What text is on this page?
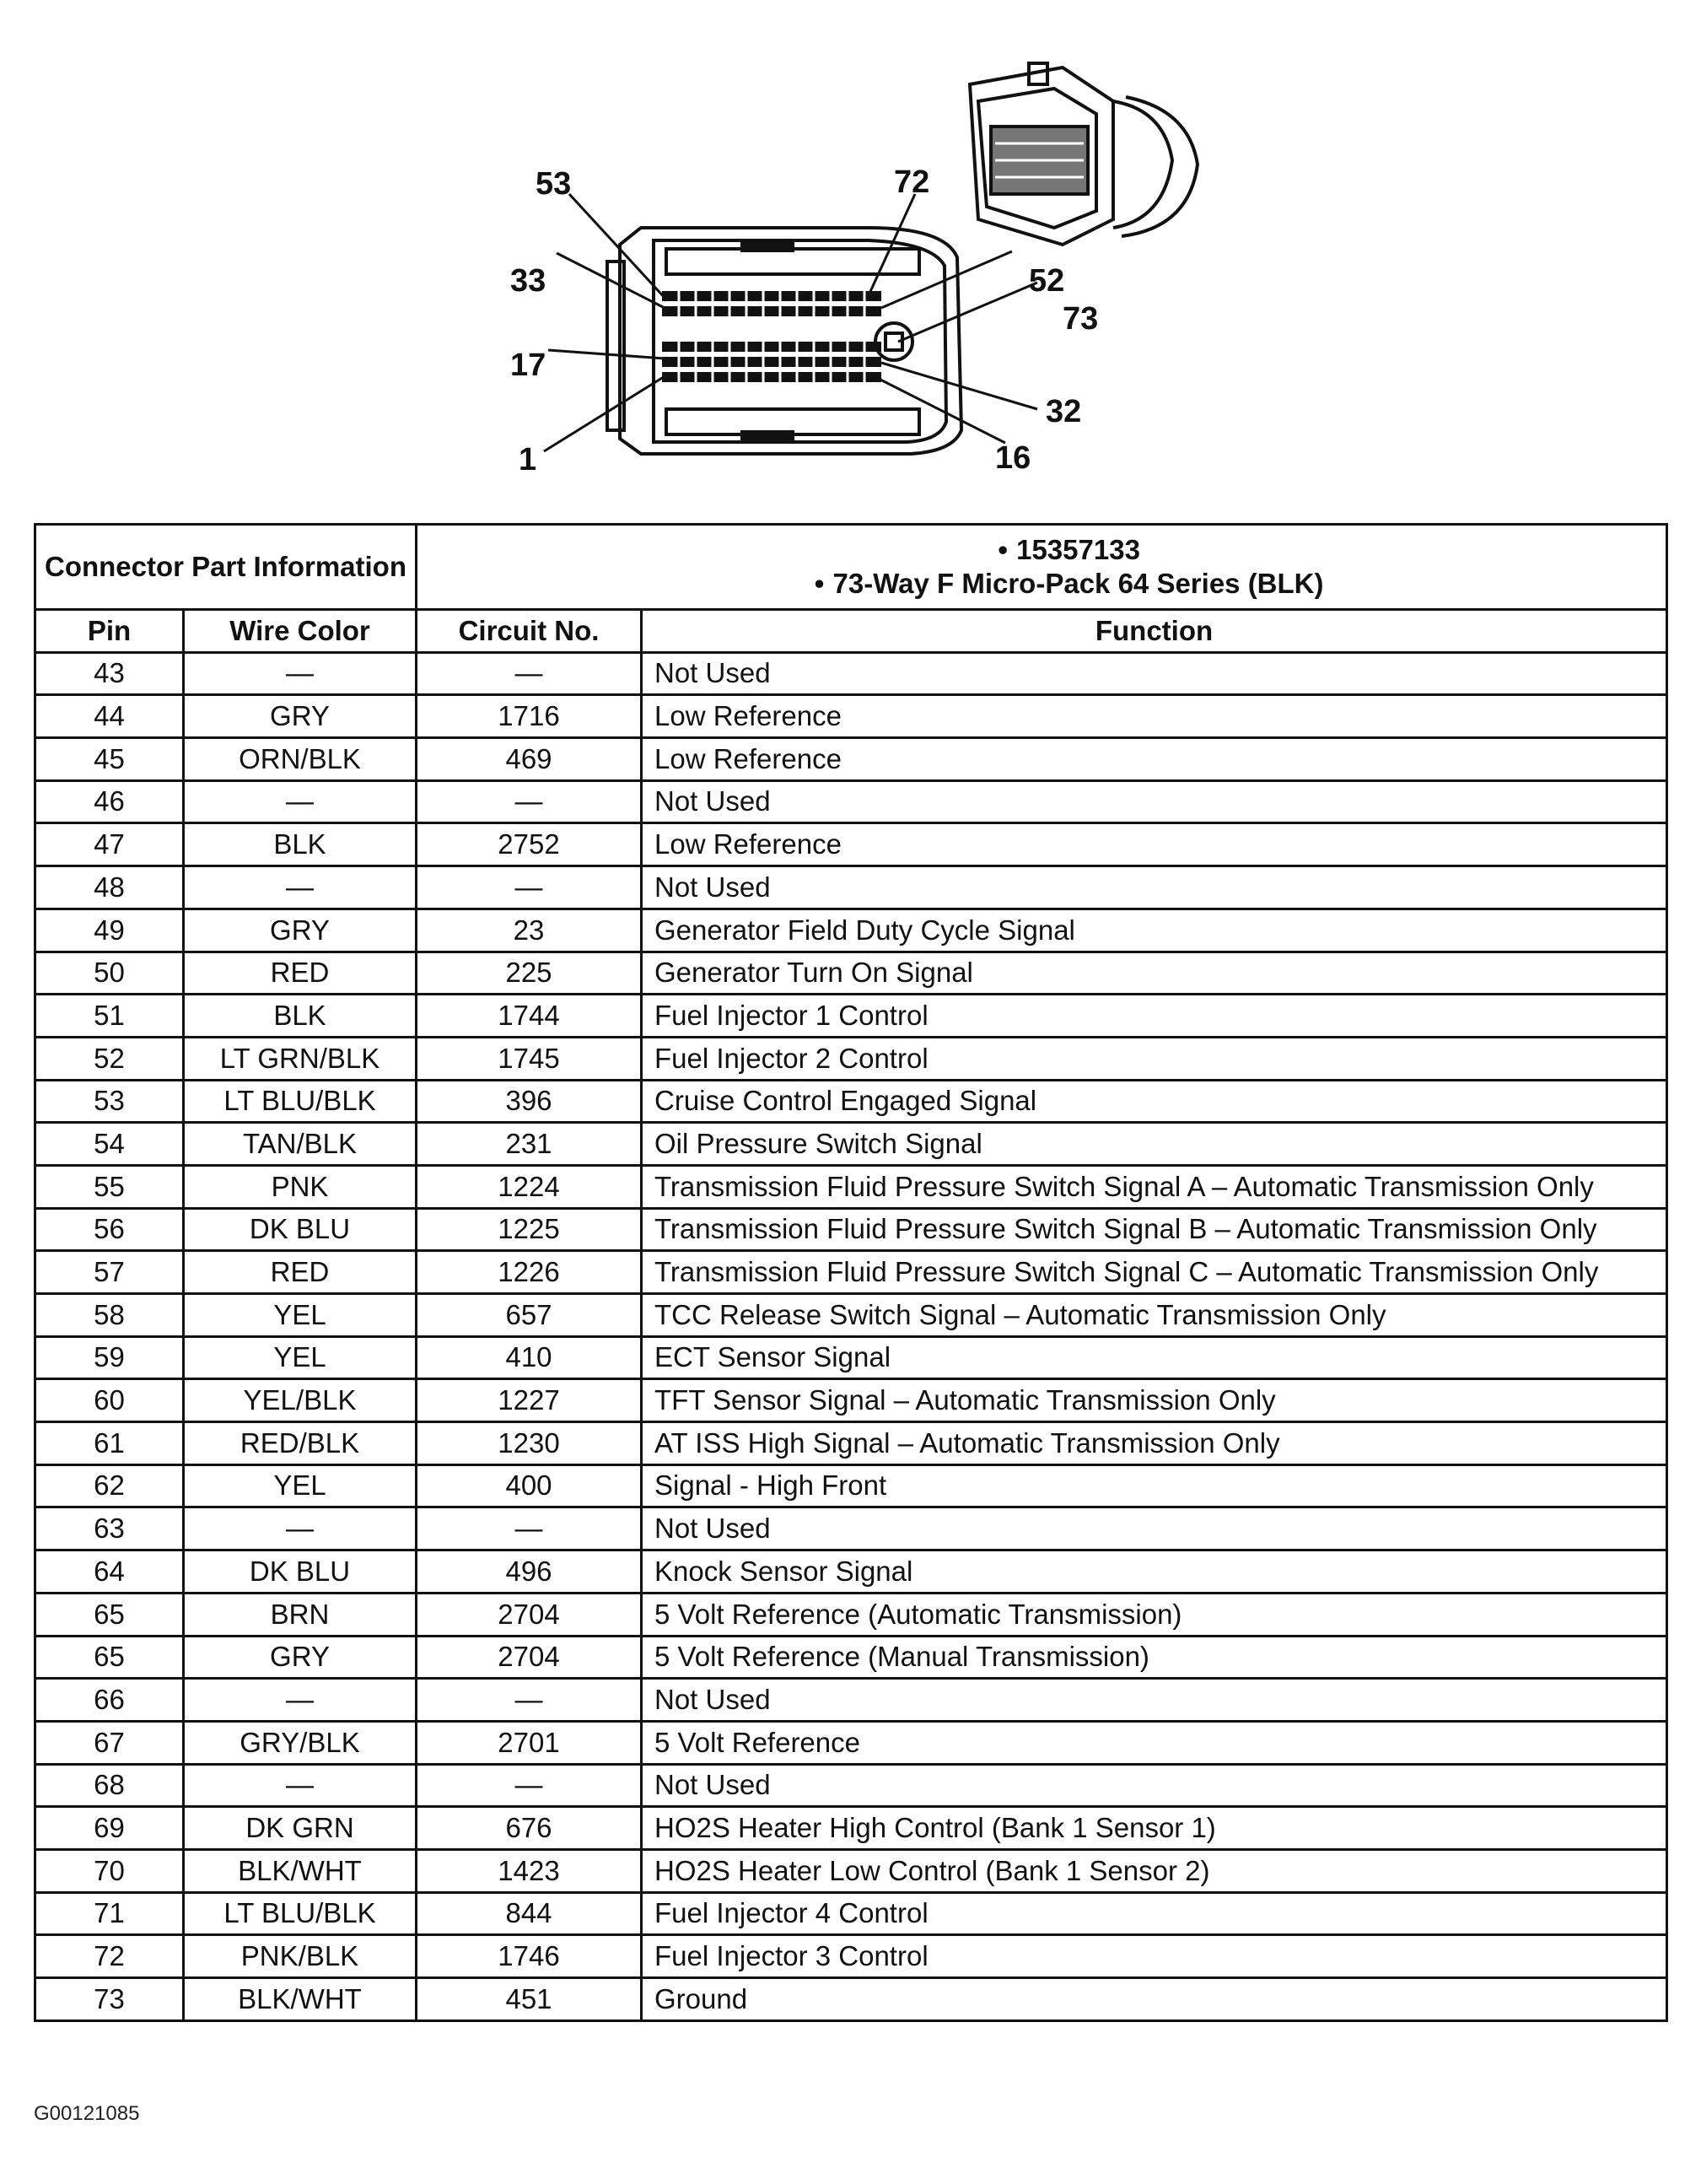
53	72
33	52
73
17
32
1	16
Connector Part Information		• 15357133
• 73-Way F Micro-Pack 64 Series (BLK)	

Pin	Wire Color	Circuit No.	Function
43	—	—	Not Used
44	GRY	1716	Low Reference
45	ORN/BLK	469	Low Reference
46	—	—	Not Used
47	BLK	2752	Low Reference
48	—	—	Not Used
49	GRY	23	Generator Field Duty Cycle Signal
50	RED	225	Generator Turn On Signal
51	BLK	1744	Fuel Injector 1 Control
52	LT GRN/BLK	1745	Fuel Injector 2 Control
53	LT BLU/BLK	396	Cruise Control Engaged Signal
54	TAN/BLK	231	Oil Pressure Switch Signal
55	PNK	1224	Transmission Fluid Pressure Switch Signal A – Automatic Transmission Only
56	DK BLU	1225	Transmission Fluid Pressure Switch Signal B – Automatic Transmission Only
57	RED	1226	Transmission Fluid Pressure Switch Signal C – Automatic Transmission Only
58	YEL	657	TCC Release Switch Signal – Automatic Transmission Only
59	YEL	410	ECT Sensor Signal
60	YEL/BLK	1227	TFT Sensor Signal – Automatic Transmission Only
61	RED/BLK	1230	AT ISS High Signal – Automatic Transmission Only
62	YEL	400	Signal - High Front
63	—	—	Not Used
64	DK BLU	496	Knock Sensor Signal
65	BRN	2704	5 Volt Reference (Automatic Transmission)
65	GRY	2704	5 Volt Reference (Manual Transmission)
66	—	—	Not Used
67	GRY/BLK	2701	5 Volt Reference
68	—	—	Not Used
69	DK GRN	676	HO2S Heater High Control (Bank 1 Sensor 1)
70	BLK/WHT	1423	HO2S Heater Low Control (Bank 1 Sensor 2)
71	LT BLU/BLK	844	Fuel Injector 4 Control
72	PNK/BLK	1746	Fuel Injector 3 Control
73	BLK/WHT	451	Ground
G00121085
